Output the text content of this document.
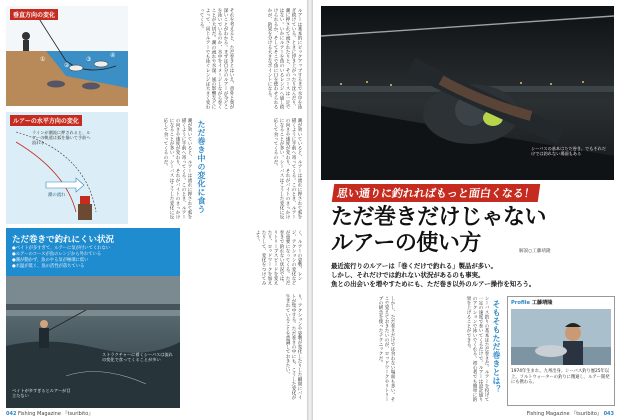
垂直方向の変化
①
②
③
④
ルアーの水平方向の変化
ラインが潮流に押されると、ルアーの軌道は弧を描いて手前へ流れる
潮の流れ
ただ巻きで釣れにくい状況
●ベイトが多すぎて、ルアーに気が付いてくれない
●ルアーのコースが魚のレンジから外れている
●潮が動かず、魚のやる気が極端に低い
●水温が低く、魚の活性が落ちている
ストラクチャーに着くシーバスは流れの変化で食ってくることが多い
ベイトが多すぎるとルアーが目立たない
ルアーは基本的にピックアップするまで水中を泳ぎ続けている。ときに浮き上がったり沈んだり、潮に押されて流されたりと、そのコースは一定ではない。いかにルアーを魚のいるレンジへ通し続けられるか、そしてそこで魚に口を使わせられるかが、釣果を分ける大きなポイントになる。
それを考えると、ただ巻きとはいえ、意外と奥が深いことがわかる。まずは自分のルアーが今どこを泳いでいるのか、水中をイメージしながら巻くことが大切だ。潮の流れや水深、風の影響などによって、同じルアーでも泳ぐレンジは大きく変わってくる。
ただ巻き中の変化に食う
潮が効いていると、ルアーは流れに押されて弧を描くように手前へ寄ってくる。このとき、ルアーの向きや速度が変わり、それがバイトのきっかけになることが多い。シーバスはこうした変化に反応して食ってくるのだ。	潮が効いていると、ルアーは流れに押されて弧を描くように手前へ寄ってくる。このとき、ルアーの向きや速度が変わり、それがバイトのきっかけになることが多い。シーバスはこうした変化に反応して食ってくるのだ。
く、ルアーの姿勢、レンジ、アクションの変化などが重要になってくる。ただ巻きで釣れない状況では、リトリーブスピードを変えたり、ロッドワークを加えたりして、変化をつけてみよう。
り、アクションや姿勢が変化したりした瞬間にバイトが集中する。ただ巻きの中にも、こうした変化が生まれていることを意識しておきたい。
042 Fishing Magazine 『tsuribito』
シーバスの基本はただ巻き。でもそれだけでは釣れない場面もある
思い通りに釣れればもっと面白くなる！
ただ巻きだけじゃない
ルアーの使い方	解説○工藤靖隆
最近流行りのルアーは「巻くだけで釣れる」製品が多い。
しかし、それだけでは釣れない状況があるのも事実。
魚との出会いを増やすためにも、ただ巻き以外のルアー操作を知ろう。
シーバス釣りの基本はただ巻きだ。ルアーを投げて一定の速度で巻いてくるだけで、ルアーは設計通りのアクションで泳いでくれる。初心者でも簡単に釣果を上げることができる。
しかし、ただ巻きだけでは食わない場面も多い。そこで覚えておきたいのが、ロッドワークやリトリーブの緩急を使ったテクニックだ。	そもそもただ巻きとは？ Profile 工藤靖隆
1974年生まれ。九州出身。シーバス釣り歴25年以上。ソルトウォーターの釣りに精通し、ルアー開発にも携わる。
Fishing Magazine 『tsuribito』 043
